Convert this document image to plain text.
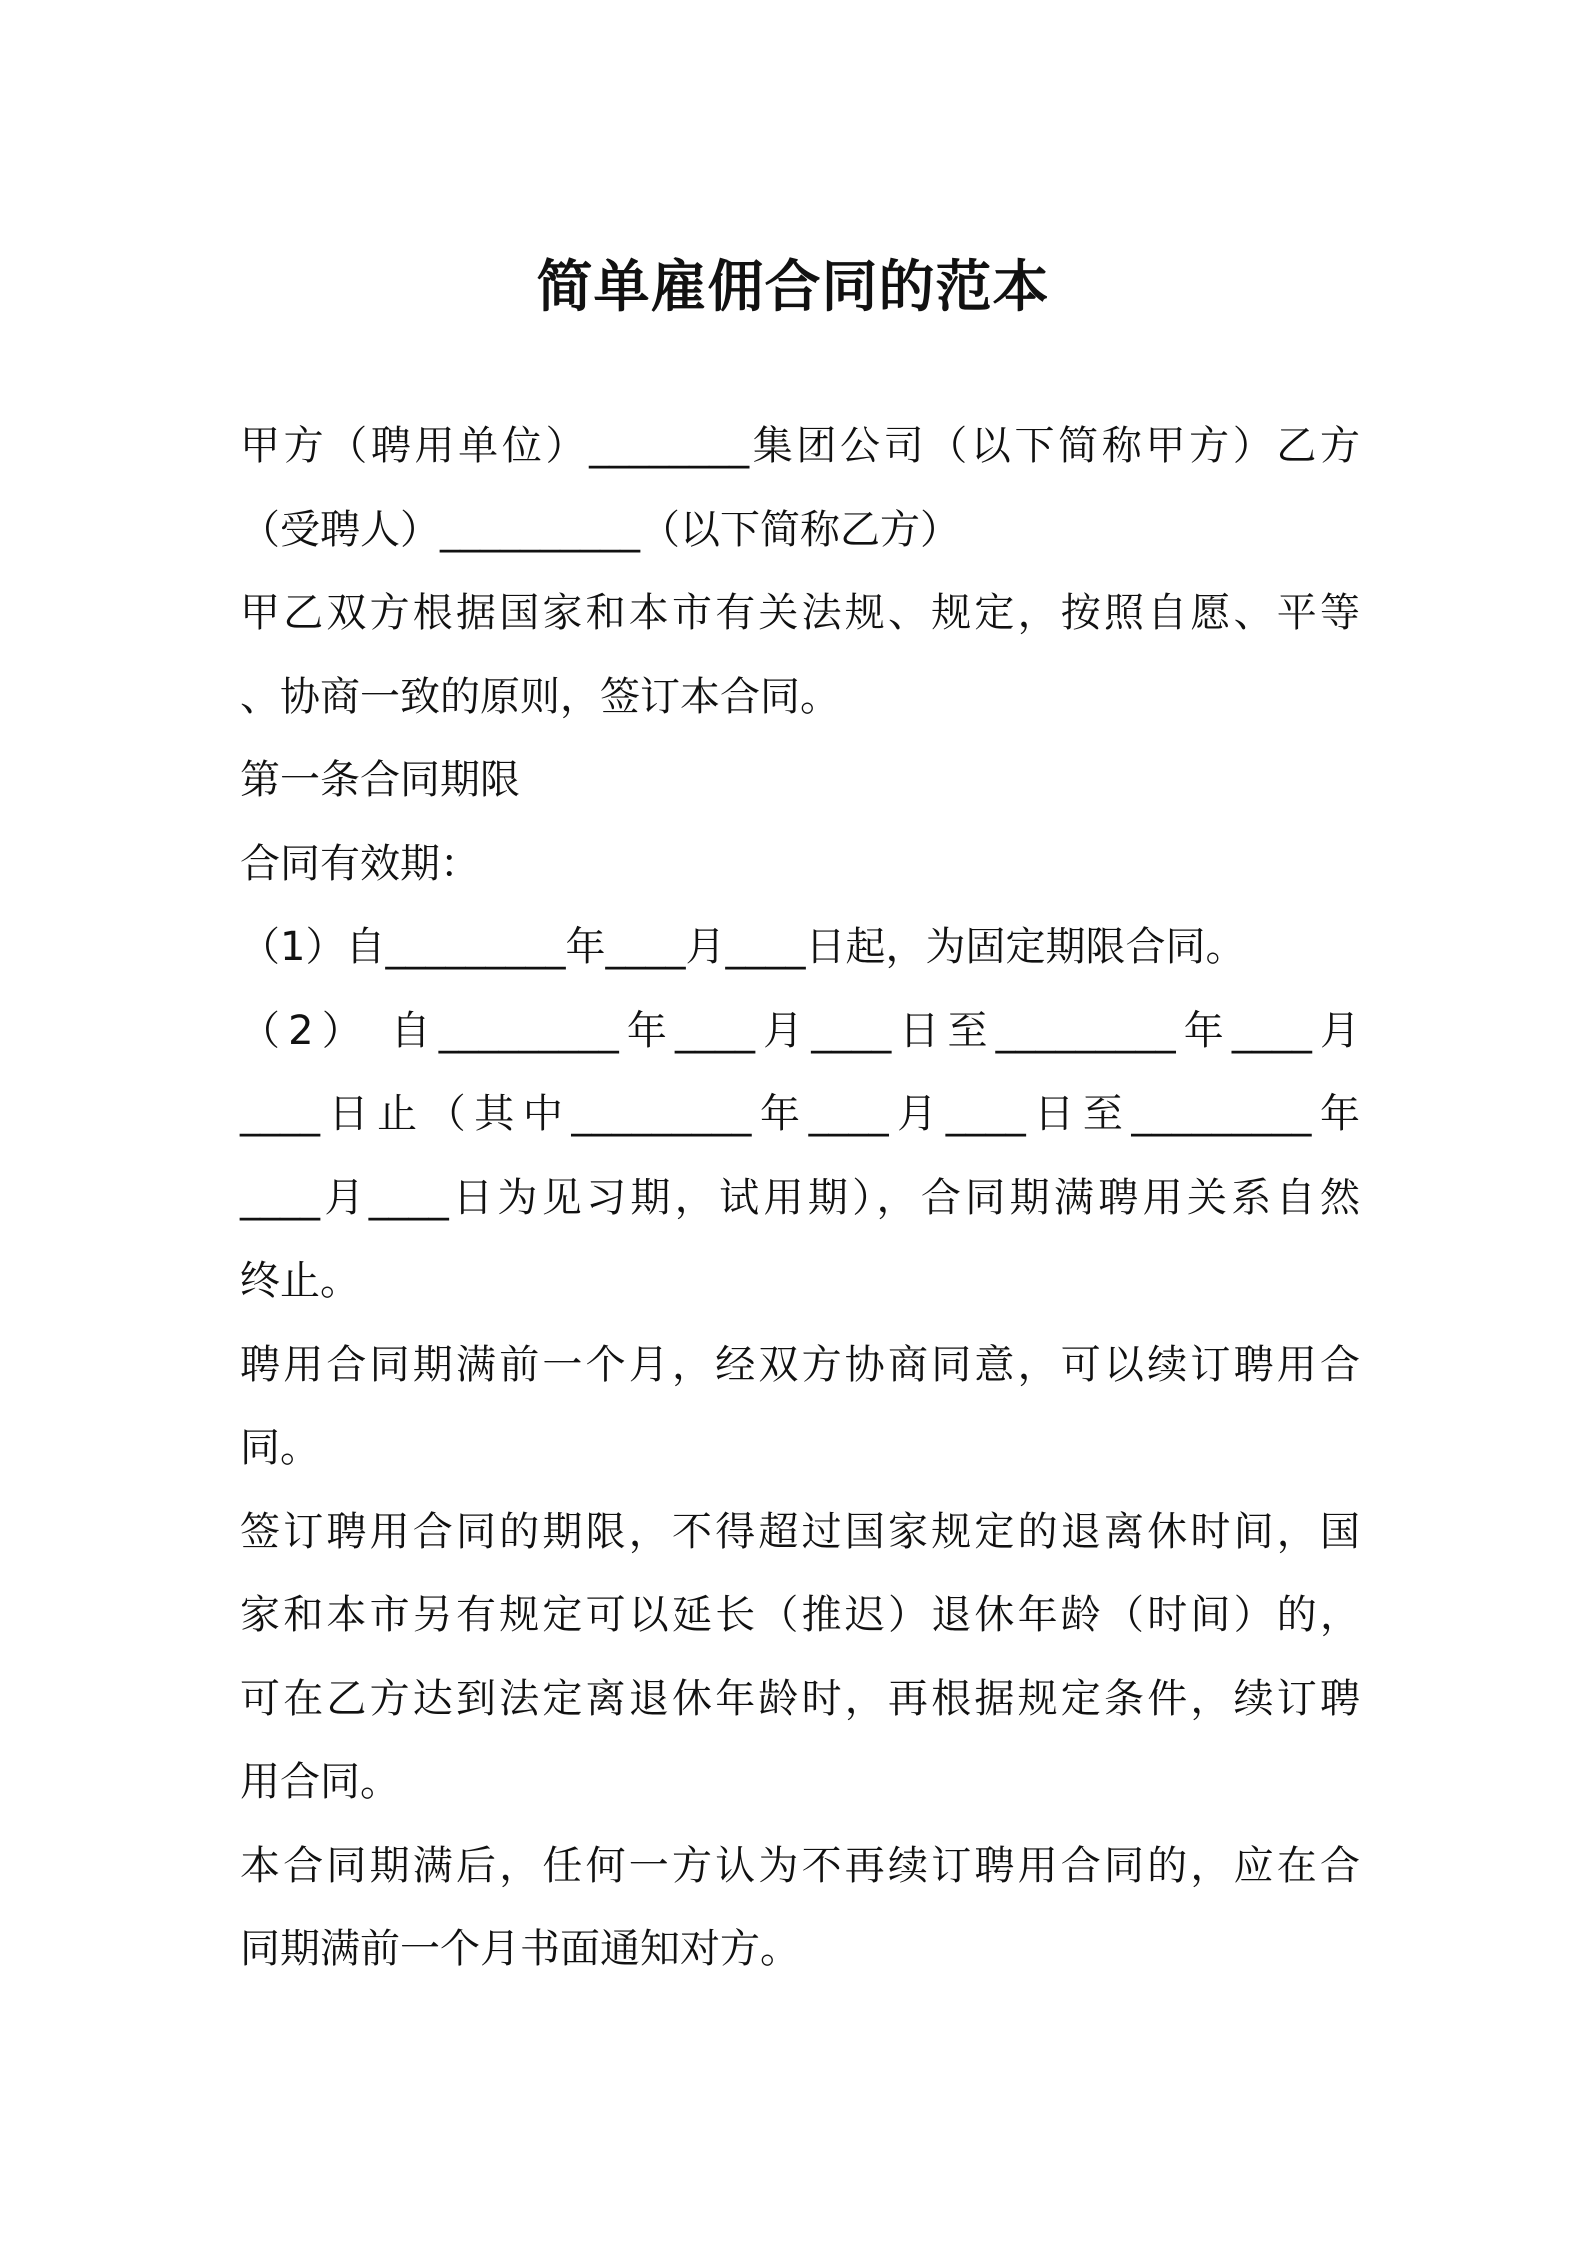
简单雇佣合同的范本
甲方（聘用单位）________集团公司（以下简称甲方）乙方
（受聘人）__________（以下简称乙方）
甲乙双方根据国家和本市有关法规、规定，按照自愿、平等
、协商一致的原则，签订本合同。
第一条合同期限
合同有效期：
（1）自_________年____月____日起，为固定期限合同。
（2） 自_________年____月____日至_________年____月
____日止（其中_________年____月____日至_________年
____月____日为见习期，试用期），合同期满聘用关系自然
终止。
聘用合同期满前一个月，经双方协商同意，可以续订聘用合
同。
签订聘用合同的期限，不得超过国家规定的退离休时间，国
家和本市另有规定可以延长（推迟）退休年龄（时间）的，
可在乙方达到法定离退休年龄时，再根据规定条件，续订聘
用合同。
本合同期满后，任何一方认为不再续订聘用合同的，应在合
同期满前一个月书面通知对方。
